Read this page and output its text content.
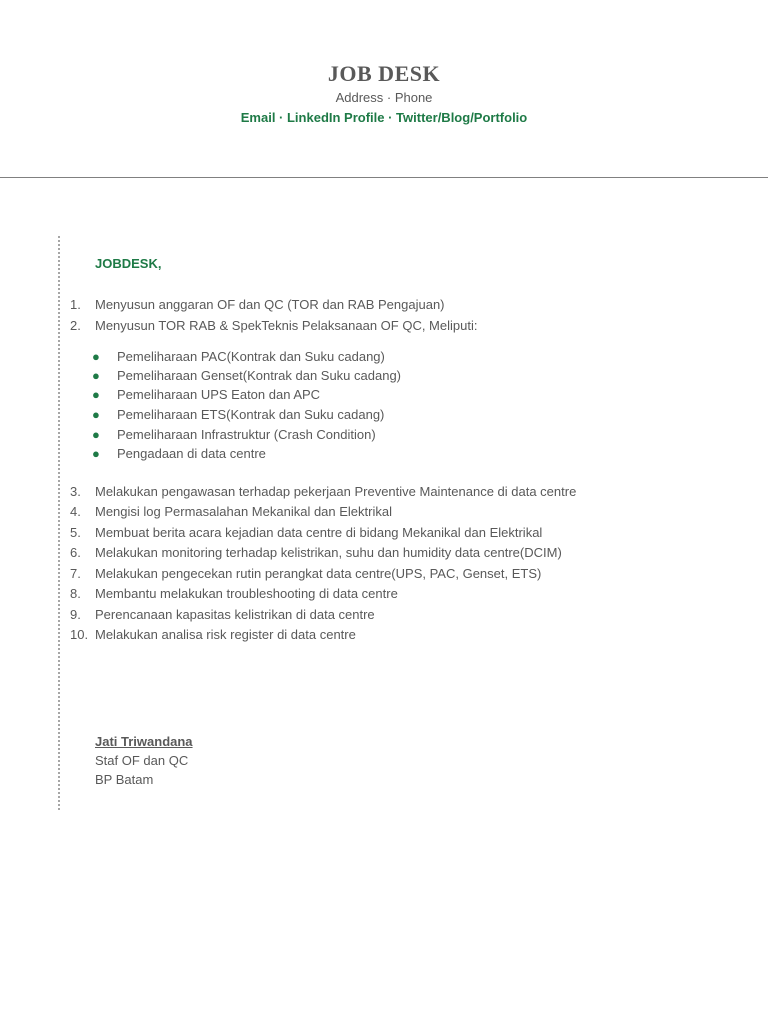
JOB DESK
Address · Phone
Email · LinkedIn Profile · Twitter/Blog/Portfolio
JOBDESK,
1. Menyusun anggaran OF dan QC (TOR dan RAB Pengajuan)
2. Menyusun TOR RAB & SpekTeknis Pelaksanaan OF QC, Meliputi:
● Pemeliharaan PAC(Kontrak dan Suku cadang)
● Pemeliharaan Genset(Kontrak dan Suku cadang)
● Pemeliharaan UPS Eaton dan APC
● Pemeliharaan ETS(Kontrak dan Suku cadang)
● Pemeliharaan Infrastruktur (Crash Condition)
● Pengadaan di data centre
3. Melakukan pengawasan terhadap pekerjaan Preventive Maintenance di data centre
4. Mengisi log Permasalahan Mekanikal dan Elektrikal
5. Membuat berita acara kejadian data centre di bidang Mekanikal dan Elektrikal
6. Melakukan monitoring terhadap kelistrikan, suhu dan humidity data centre(DCIM)
7. Melakukan pengecekan rutin perangkat data centre(UPS, PAC, Genset, ETS)
8. Membantu melakukan troubleshooting di data centre
9. Perencanaan kapasitas kelistrikan di data centre
10. Melakukan analisa risk register di data centre
Jati Triwandana
Staf OF dan QC
BP Batam
